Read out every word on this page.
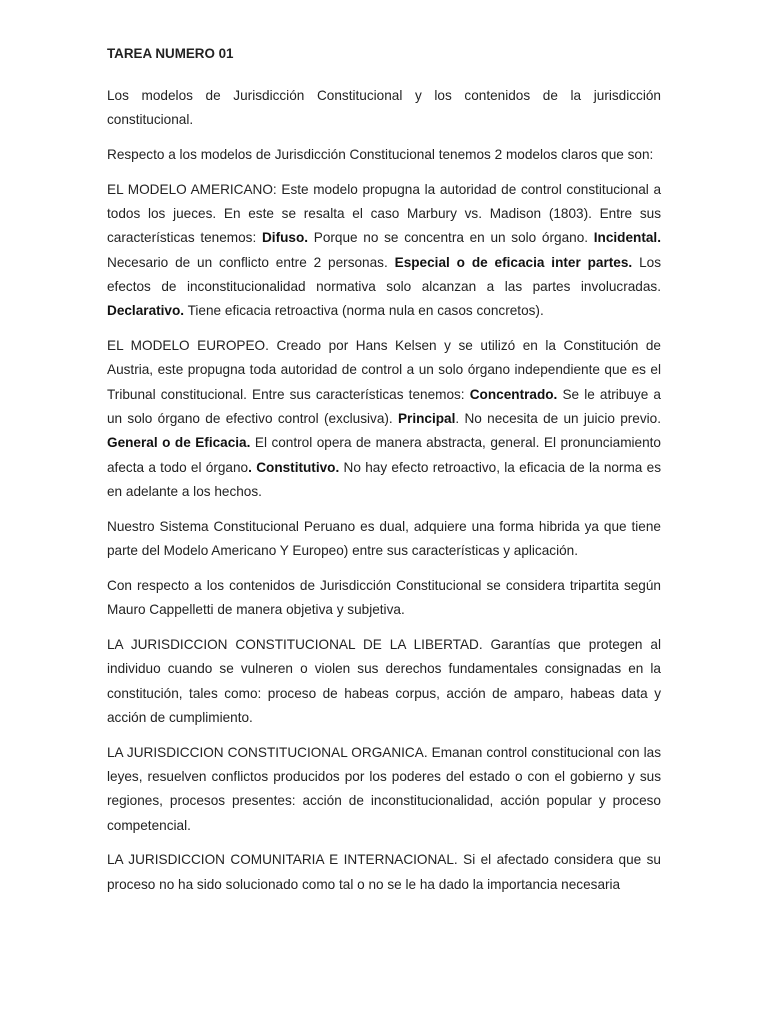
TAREA NUMERO 01

Los modelos de Jurisdicción Constitucional y los contenidos de la jurisdicción constitucional.

Respecto a los modelos de Jurisdicción Constitucional tenemos 2 modelos claros que son:

EL MODELO AMERICANO: Este modelo propugna la autoridad de control constitucional a todos los jueces. En este se resalta el caso Marbury vs. Madison (1803). Entre sus características tenemos: Difuso. Porque no se concentra en un solo órgano. Incidental. Necesario de un conflicto entre 2 personas. Especial o de eficacia inter partes. Los efectos de inconstitucionalidad normativa solo alcanzan a las partes involucradas. Declarativo. Tiene eficacia retroactiva (norma nula en casos concretos).

EL MODELO EUROPEO. Creado por Hans Kelsen y se utilizó en la Constitución de Austria, este propugna toda autoridad de control a un solo órgano independiente que es el Tribunal constitucional. Entre sus características tenemos: Concentrado. Se le atribuye a un solo órgano de efectivo control (exclusiva). Principal. No necesita de un juicio previo. General o de Eficacia. El control opera de manera abstracta, general. El pronunciamiento afecta a todo el órgano. Constitutivo. No hay efecto retroactivo, la eficacia de la norma es en adelante a los hechos.

Nuestro Sistema Constitucional Peruano es dual, adquiere una forma hibrida ya que tiene parte del Modelo Americano Y Europeo) entre sus características y aplicación.

Con respecto a los contenidos de Jurisdicción Constitucional se considera tripartita según Mauro Cappelletti de manera objetiva y subjetiva.

LA JURISDICCION CONSTITUCIONAL DE LA LIBERTAD. Garantías que protegen al individuo cuando se vulneren o violen sus derechos fundamentales consignadas en la constitución, tales como: proceso de habeas corpus, acción de amparo, habeas data y acción de cumplimiento.

LA JURISDICCION CONSTITUCIONAL ORGANICA. Emanan control constitucional con las leyes, resuelven conflictos producidos por los poderes del estado o con el gobierno y sus regiones, procesos presentes: acción de inconstitucionalidad, acción popular y proceso competencial.

LA JURISDICCION COMUNITARIA E INTERNACIONAL. Si el afectado considera que su proceso no ha sido solucionado como tal o no se le ha dado la importancia necesaria
